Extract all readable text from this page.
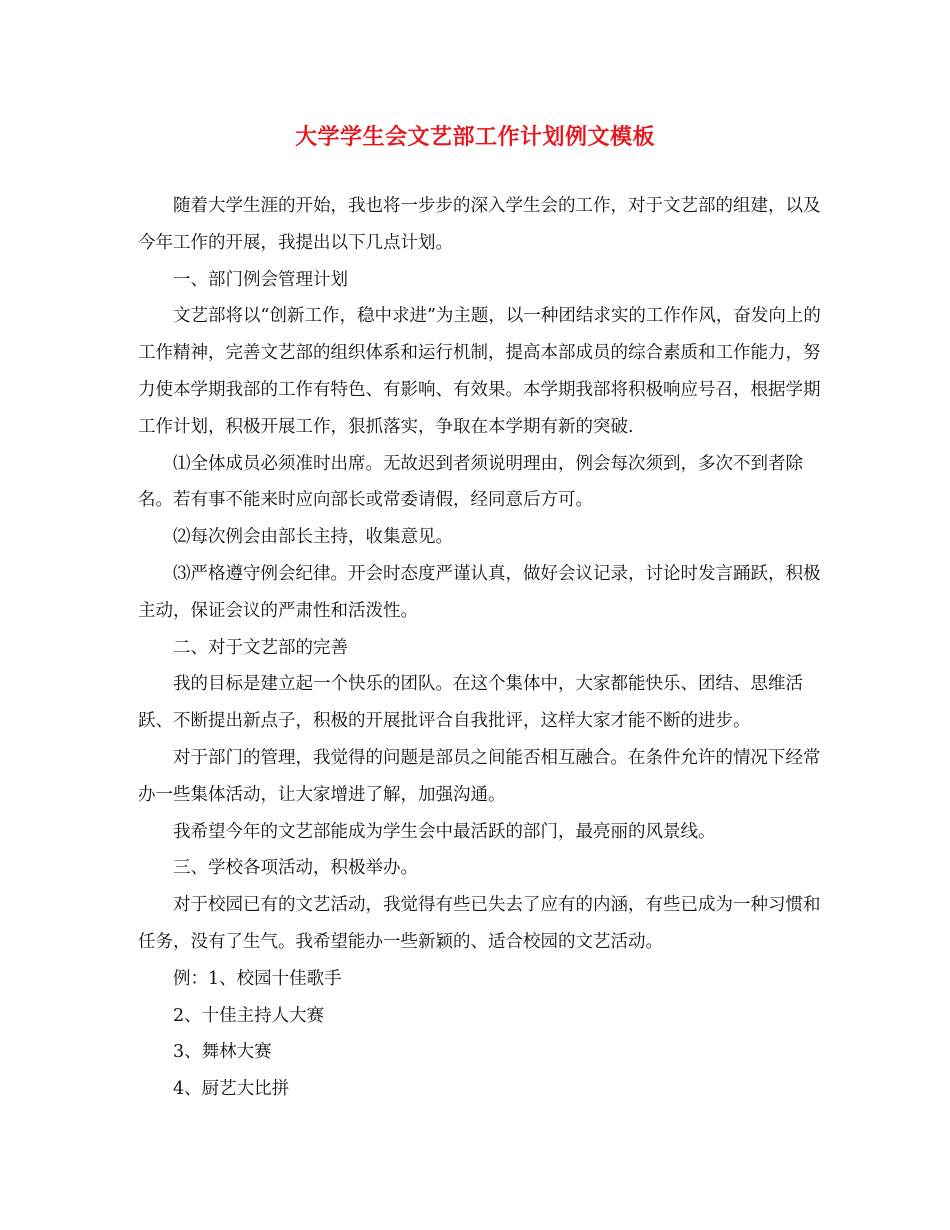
大学学生会文艺部工作计划例文模板

随着大学生涯的开始，我也将一步步的深入学生会的工作，对于文艺部的组建，以及今年工作的开展，我提出以下几点计划。

一、部门例会管理计划

文艺部将以“创新工作，稳中求进”为主题，以一种团结求实的工作作风，奋发向上的工作精神，完善文艺部的组织体系和运行机制，提高本部成员的综合素质和工作能力，努力使本学期我部的工作有特色、有影响、有效果。本学期我部将积极响应号召，根据学期工作计划，积极开展工作，狠抓落实，争取在本学期有新的突破.

⑴全体成员必须准时出席。无故迟到者须说明理由，例会每次须到，多次不到者除名。若有事不能来时应向部长或常委请假，经同意后方可。

⑵每次例会由部长主持，收集意见。

⑶严格遵守例会纪律。开会时态度严谨认真，做好会议记录，讨论时发言踊跃，积极主动，保证会议的严肃性和活泼性。

二、对于文艺部的完善

我的目标是建立起一个快乐的团队。在这个集体中，大家都能快乐、团结、思维活跃、不断提出新点子，积极的开展批评合自我批评，这样大家才能不断的进步。

对于部门的管理，我觉得的问题是部员之间能否相互融合。在条件允许的情况下经常办一些集体活动，让大家增进了解，加强沟通。

我希望今年的文艺部能成为学生会中最活跃的部门，最亮丽的风景线。

三、学校各项活动，积极举办。

对于校园已有的文艺活动，我觉得有些已失去了应有的内涵，有些已成为一种习惯和任务，没有了生气。我希望能办一些新颖的、适合校园的文艺活动。

例：1、校园十佳歌手

2、十佳主持人大赛

3、舞林大赛

4、厨艺大比拼
